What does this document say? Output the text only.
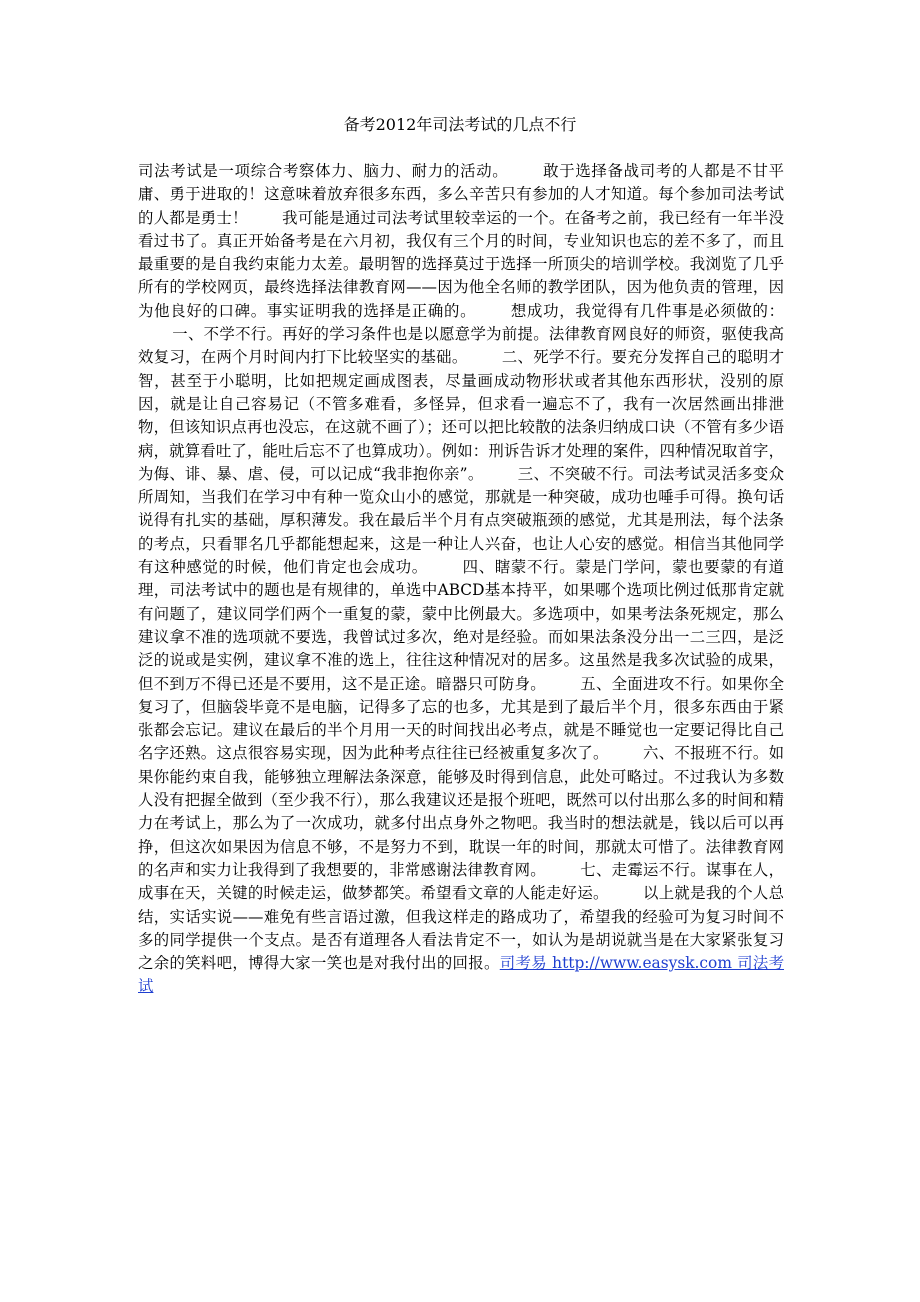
备考2012年司法考试的几点不行

司法考试是一项综合考察体力、脑力、耐力的活动。 敢于选择备战司考的人都是不甘平庸、勇于进取的！这意味着放弃很多东西，多么辛苦只有参加的人才知道。每个参加司法考试的人都是勇士！ 我可能是通过司法考试里较幸运的一个。在备考之前，我已经有一年半没看过书了。真正开始备考是在六月初，我仅有三个月的时间，专业知识也忘的差不多了，而且最重要的是自我约束能力太差。最明智的选择莫过于选择一所顶尖的培训学校。我浏览了几乎所有的学校网页，最终选择法律教育网——因为他全名师的教学团队，因为他负责的管理，因为他良好的口碑。事实证明我的选择是正确的。 想成功，我觉得有几件事是必须做的：一、不学不行。再好的学习条件也是以愿意学为前提。法律教育网良好的师资，驱使我高效复习，在两个月时间内打下比较坚实的基础。 二、死学不行。要充分发挥自己的聪明才智，甚至于小聪明，比如把规定画成图表，尽量画成动物形状或者其他东西形状，没别的原因，就是让自己容易记（不管多难看，多怪异，但求看一遍忘不了，我有一次居然画出排泄物，但该知识点再也没忘，在这就不画了）；还可以把比较散的法条归纳成口诀（不管有多少语病，就算看吐了，能吐后忘不了也算成功）。例如：刑诉告诉才处理的案件，四种情况取首字，为侮、诽、暴、虐、侵，可以记成“我非抱你亲”。 三、不突破不行。司法考试灵活多变众所周知，当我们在学习中有种一览众山小的感觉，那就是一种突破，成功也唾手可得。换句话说得有扎实的基础，厚积薄发。我在最后半个月有点突破瓶颈的感觉，尤其是刑法，每个法条的考点，只看罪名几乎都能想起来，这是一种让人兴奋，也让人心安的感觉。相信当其他同学有这种感觉的时候，他们肯定也会成功。 四、瞎蒙不行。蒙是门学问，蒙也要蒙的有道理，司法考试中的题也是有规律的，单选中ABCD基本持平，如果哪个选项比例过低那肯定就有问题了，建议同学们两个一重复的蒙，蒙中比例最大。多选项中，如果考法条死规定，那么建议拿不准的选项就不要选，我曾试过多次，绝对是经验。而如果法条没分出一二三四，是泛泛的说或是实例，建议拿不准的选上，往往这种情况对的居多。这虽然是我多次试验的成果，但不到万不得已还是不要用，这不是正途。暗器只可防身。 五、全面进攻不行。如果你全复习了，但脑袋毕竟不是电脑，记得多了忘的也多，尤其是到了最后半个月，很多东西由于紧张都会忘记。建议在最后的半个月用一天的时间找出必考点，就是不睡觉也一定要记得比自己名字还熟。这点很容易实现，因为此种考点往往已经被重复多次了。 六、不报班不行。如果你能约束自我，能够独立理解法条深意，能够及时得到信息，此处可略过。不过我认为多数人没有把握全做到（至少我不行），那么我建议还是报个班吧，既然可以付出那么多的时间和精力在考试上，那么为了一次成功，就多付出点身外之物吧。我当时的想法就是，钱以后可以再挣，但这次如果因为信息不够，不是努力不到，耽误一年的时间，那就太可惜了。法律教育网的名声和实力让我得到了我想要的，非常感谢法律教育网。 七、走霉运不行。谋事在人，成事在天，关键的时候走运，做梦都笑。希望看文章的人能走好运。 以上就是我的个人总结，实话实说——难免有些言语过激，但我这样走的路成功了，希望我的经验可为复习时间不多的同学提供一个支点。是否有道理各人看法肯定不一，如认为是胡说就当是在大家紧张复习之余的笑料吧，博得大家一笑也是对我付出的回报。司考易 http://www.easysk.com 司法考试
